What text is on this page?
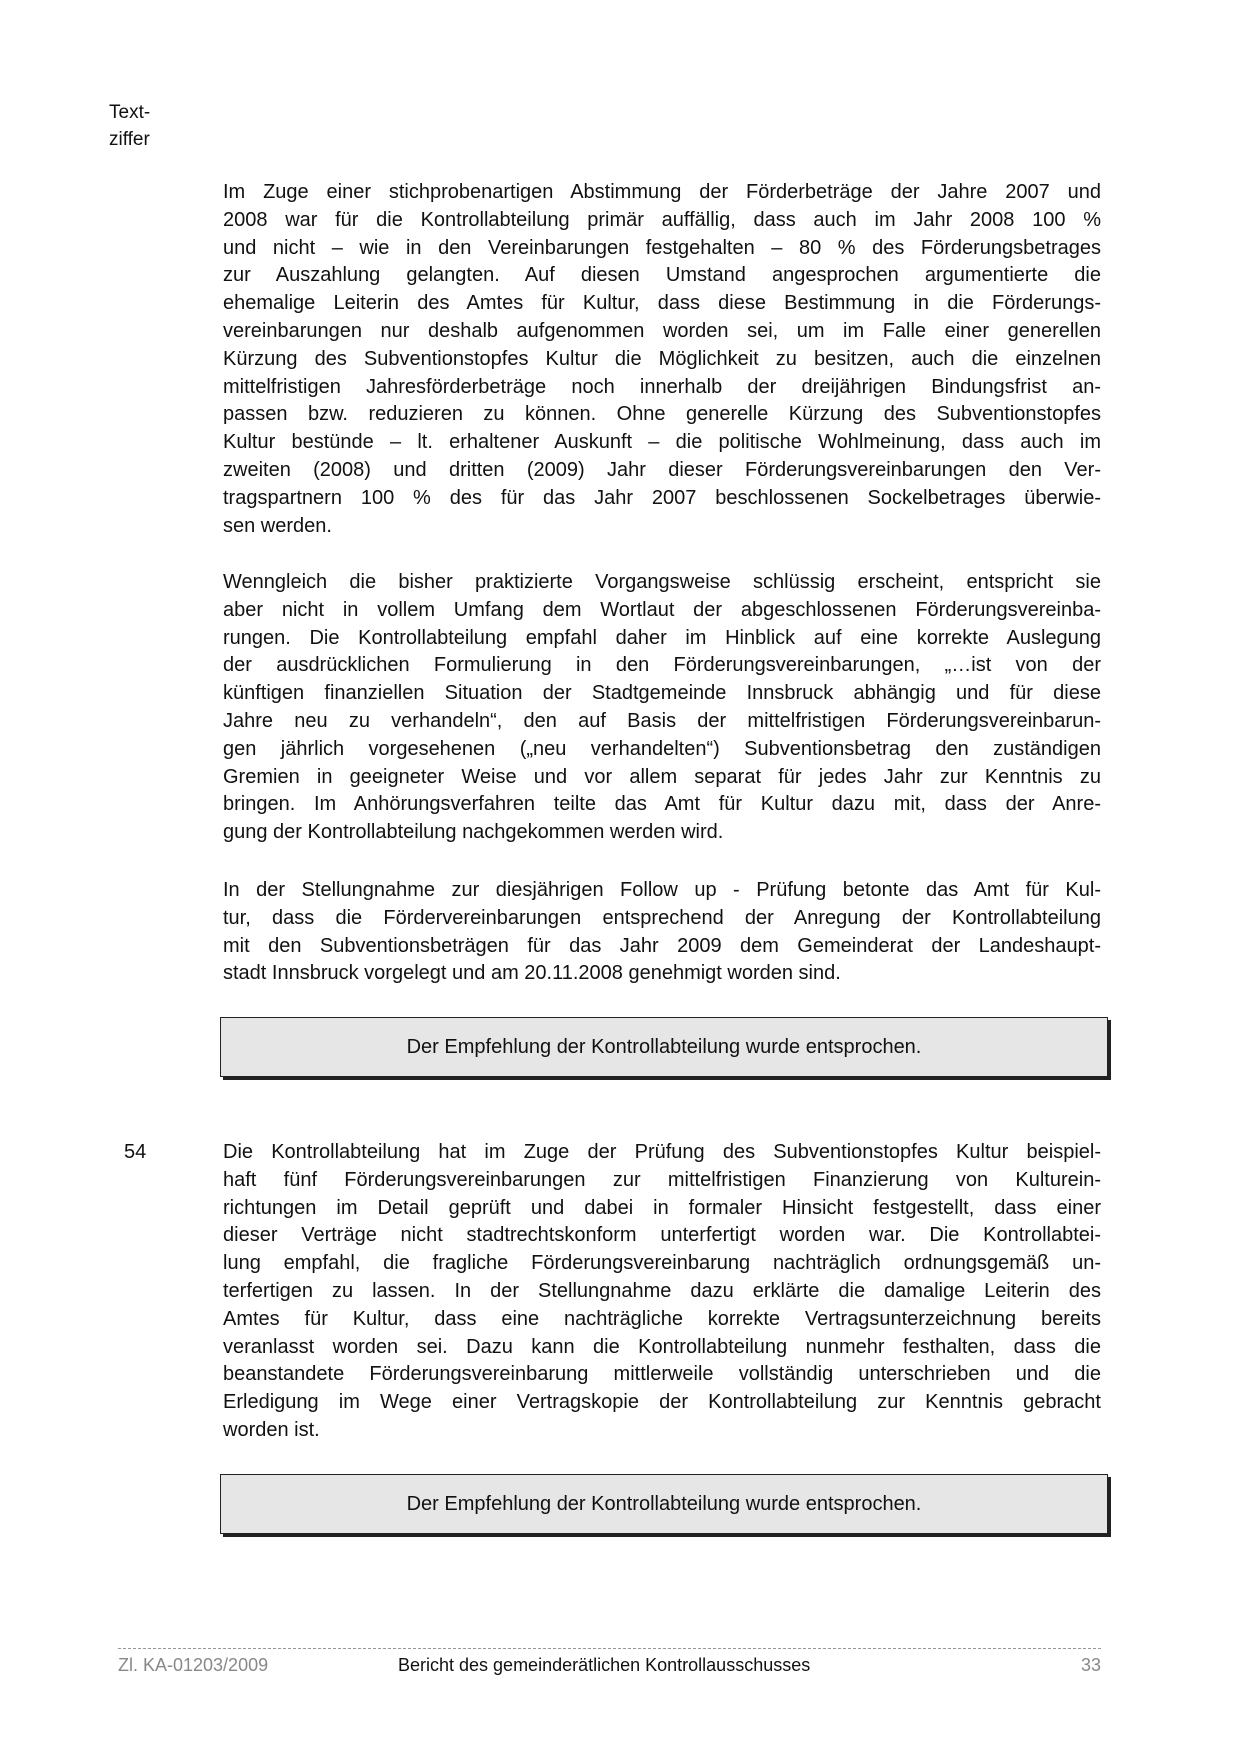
Text-
ziffer
Im Zuge einer stichprobenartigen Abstimmung der Förderbeträge der Jahre 2007 und
2008 war für die Kontrollabteilung primär auffällig, dass auch im Jahr 2008 100 %
und nicht – wie in den Vereinbarungen festgehalten – 80 % des Förderungsbetrages
zur Auszahlung gelangten. Auf diesen Umstand angesprochen argumentierte die
ehemalige Leiterin des Amtes für Kultur, dass diese Bestimmung in die Förderungs-
vereinbarungen nur deshalb aufgenommen worden sei, um im Falle einer generellen
Kürzung des Subventionstopfes Kultur die Möglichkeit zu besitzen, auch die einzelnen
mittelfristigen Jahresförderbeträge noch innerhalb der dreijährigen Bindungsfrist an-
passen bzw. reduzieren zu können. Ohne generelle Kürzung des Subventionstopfes
Kultur bestünde – lt. erhaltener Auskunft – die politische Wohlmeinung, dass auch im
zweiten (2008) und dritten (2009) Jahr dieser Förderungsvereinbarungen den Ver-
tragspartnern 100 % des für das Jahr 2007 beschlossenen Sockelbetrages überwie-
sen werden.
Wenngleich die bisher praktizierte Vorgangsweise schlüssig erscheint, entspricht sie
aber nicht in vollem Umfang dem Wortlaut der abgeschlossenen Förderungsvereinba-
rungen. Die Kontrollabteilung empfahl daher im Hinblick auf eine korrekte Auslegung
der ausdrücklichen Formulierung in den Förderungsvereinbarungen, „…ist von der
künftigen finanziellen Situation der Stadtgemeinde Innsbruck abhängig und für diese
Jahre neu zu verhandeln“, den auf Basis der mittelfristigen Förderungsvereinbarun-
gen jährlich vorgesehenen („neu verhandelten“) Subventionsbetrag den zuständigen
Gremien in geeigneter Weise und vor allem separat für jedes Jahr zur Kenntnis zu
bringen. Im Anhörungsverfahren teilte das Amt für Kultur dazu mit, dass der Anre-
gung der Kontrollabteilung nachgekommen werden wird.
In der Stellungnahme zur diesjährigen Follow up - Prüfung betonte das Amt für Kul-
tur, dass die Fördervereinbarungen entsprechend der Anregung der Kontrollabteilung
mit den Subventionsbeträgen für das Jahr 2009 dem Gemeinderat der Landeshaupt-
stadt Innsbruck vorgelegt und am 20.11.2008 genehmigt worden sind.
Der Empfehlung der Kontrollabteilung wurde entsprochen.
54	Die Kontrollabteilung hat im Zuge der Prüfung des Subventionstopfes Kultur beispiel-
haft fünf Förderungsvereinbarungen zur mittelfristigen Finanzierung von Kulturein-
richtungen im Detail geprüft und dabei in formaler Hinsicht festgestellt, dass einer
dieser Verträge nicht stadtrechtskonform unterfertigt worden war. Die Kontrollabtei-
lung empfahl, die fragliche Förderungsvereinbarung nachträglich ordnungsgemäß un-
terfertigen zu lassen. In der Stellungnahme dazu erklärte die damalige Leiterin des
Amtes für Kultur, dass eine nachträgliche korrekte Vertragsunterzeichnung bereits
veranlasst worden sei. Dazu kann die Kontrollabteilung nunmehr festhalten, dass die
beanstandete Förderungsvereinbarung mittlerweile vollständig unterschrieben und die
Erledigung im Wege einer Vertragskopie der Kontrollabteilung zur Kenntnis gebracht
worden ist.
Der Empfehlung der Kontrollabteilung wurde entsprochen.
Zl. KA-01203/2009	Bericht des gemeinderätlichen Kontrollausschusses	33
